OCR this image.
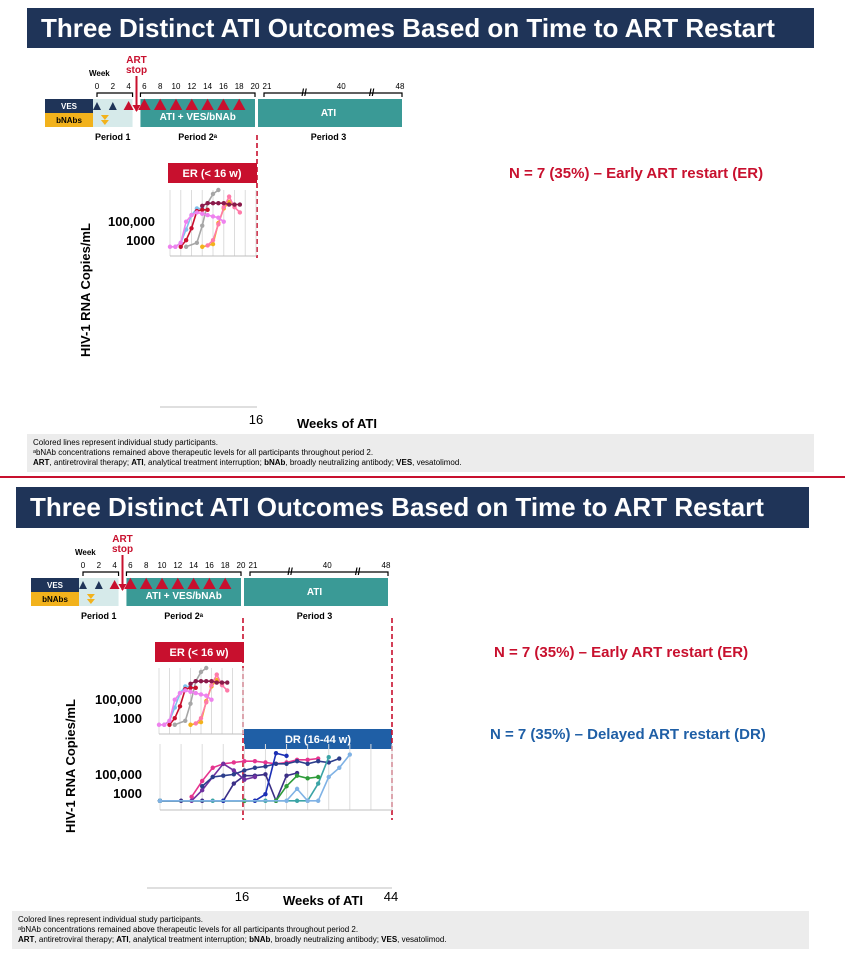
Three Distinct ATI Outcomes Based on Time to ART Restart
Week
ART
stop
0 2 4 6 8 10 12 14 16 18 20 21	40	48
//	//
VES
bNAbs	ATI + VES/bNAb	ATI
Period 1	Period 2ᵃ	Period 3
ER (< 16 w)
HIV-1 RNA Copies/mL
100,000
1000
16	Weeks of ATI
N = 7 (35%) – Early ART restart (ER)
Colored lines represent individual study participants.
ᵃbNAb concentrations remained above therapeutic levels for all participants throughout period 2.
ART, antiretroviral therapy; ATI, analytical treatment interruption; bNAb, broadly neutralizing antibody; VES, vesatolimod.
Three Distinct ATI Outcomes Based on Time to ART Restart
Week
ART
stop
0 2 4 6 8 10 12 14 16 18 20 21	40	48
//	//
VES
bNAbs	ATI + VES/bNAb	ATI
Period 1	Period 2ᵃ	Period 3
ER (< 16 w)
DR (16-44 w)
HIV-1 RNA Copies/mL 100,000
1000
100,000
1000
16	44
Weeks of ATI
N = 7 (35%) – Early ART restart (ER)
N = 7 (35%) – Delayed ART restart (DR)
Colored lines represent individual study participants.
ᵃbNAb concentrations remained above therapeutic levels for all participants throughout period 2.
ART, antiretroviral therapy; ATI, analytical treatment interruption; bNAb, broadly neutralizing antibody; VES, vesatolimod.
